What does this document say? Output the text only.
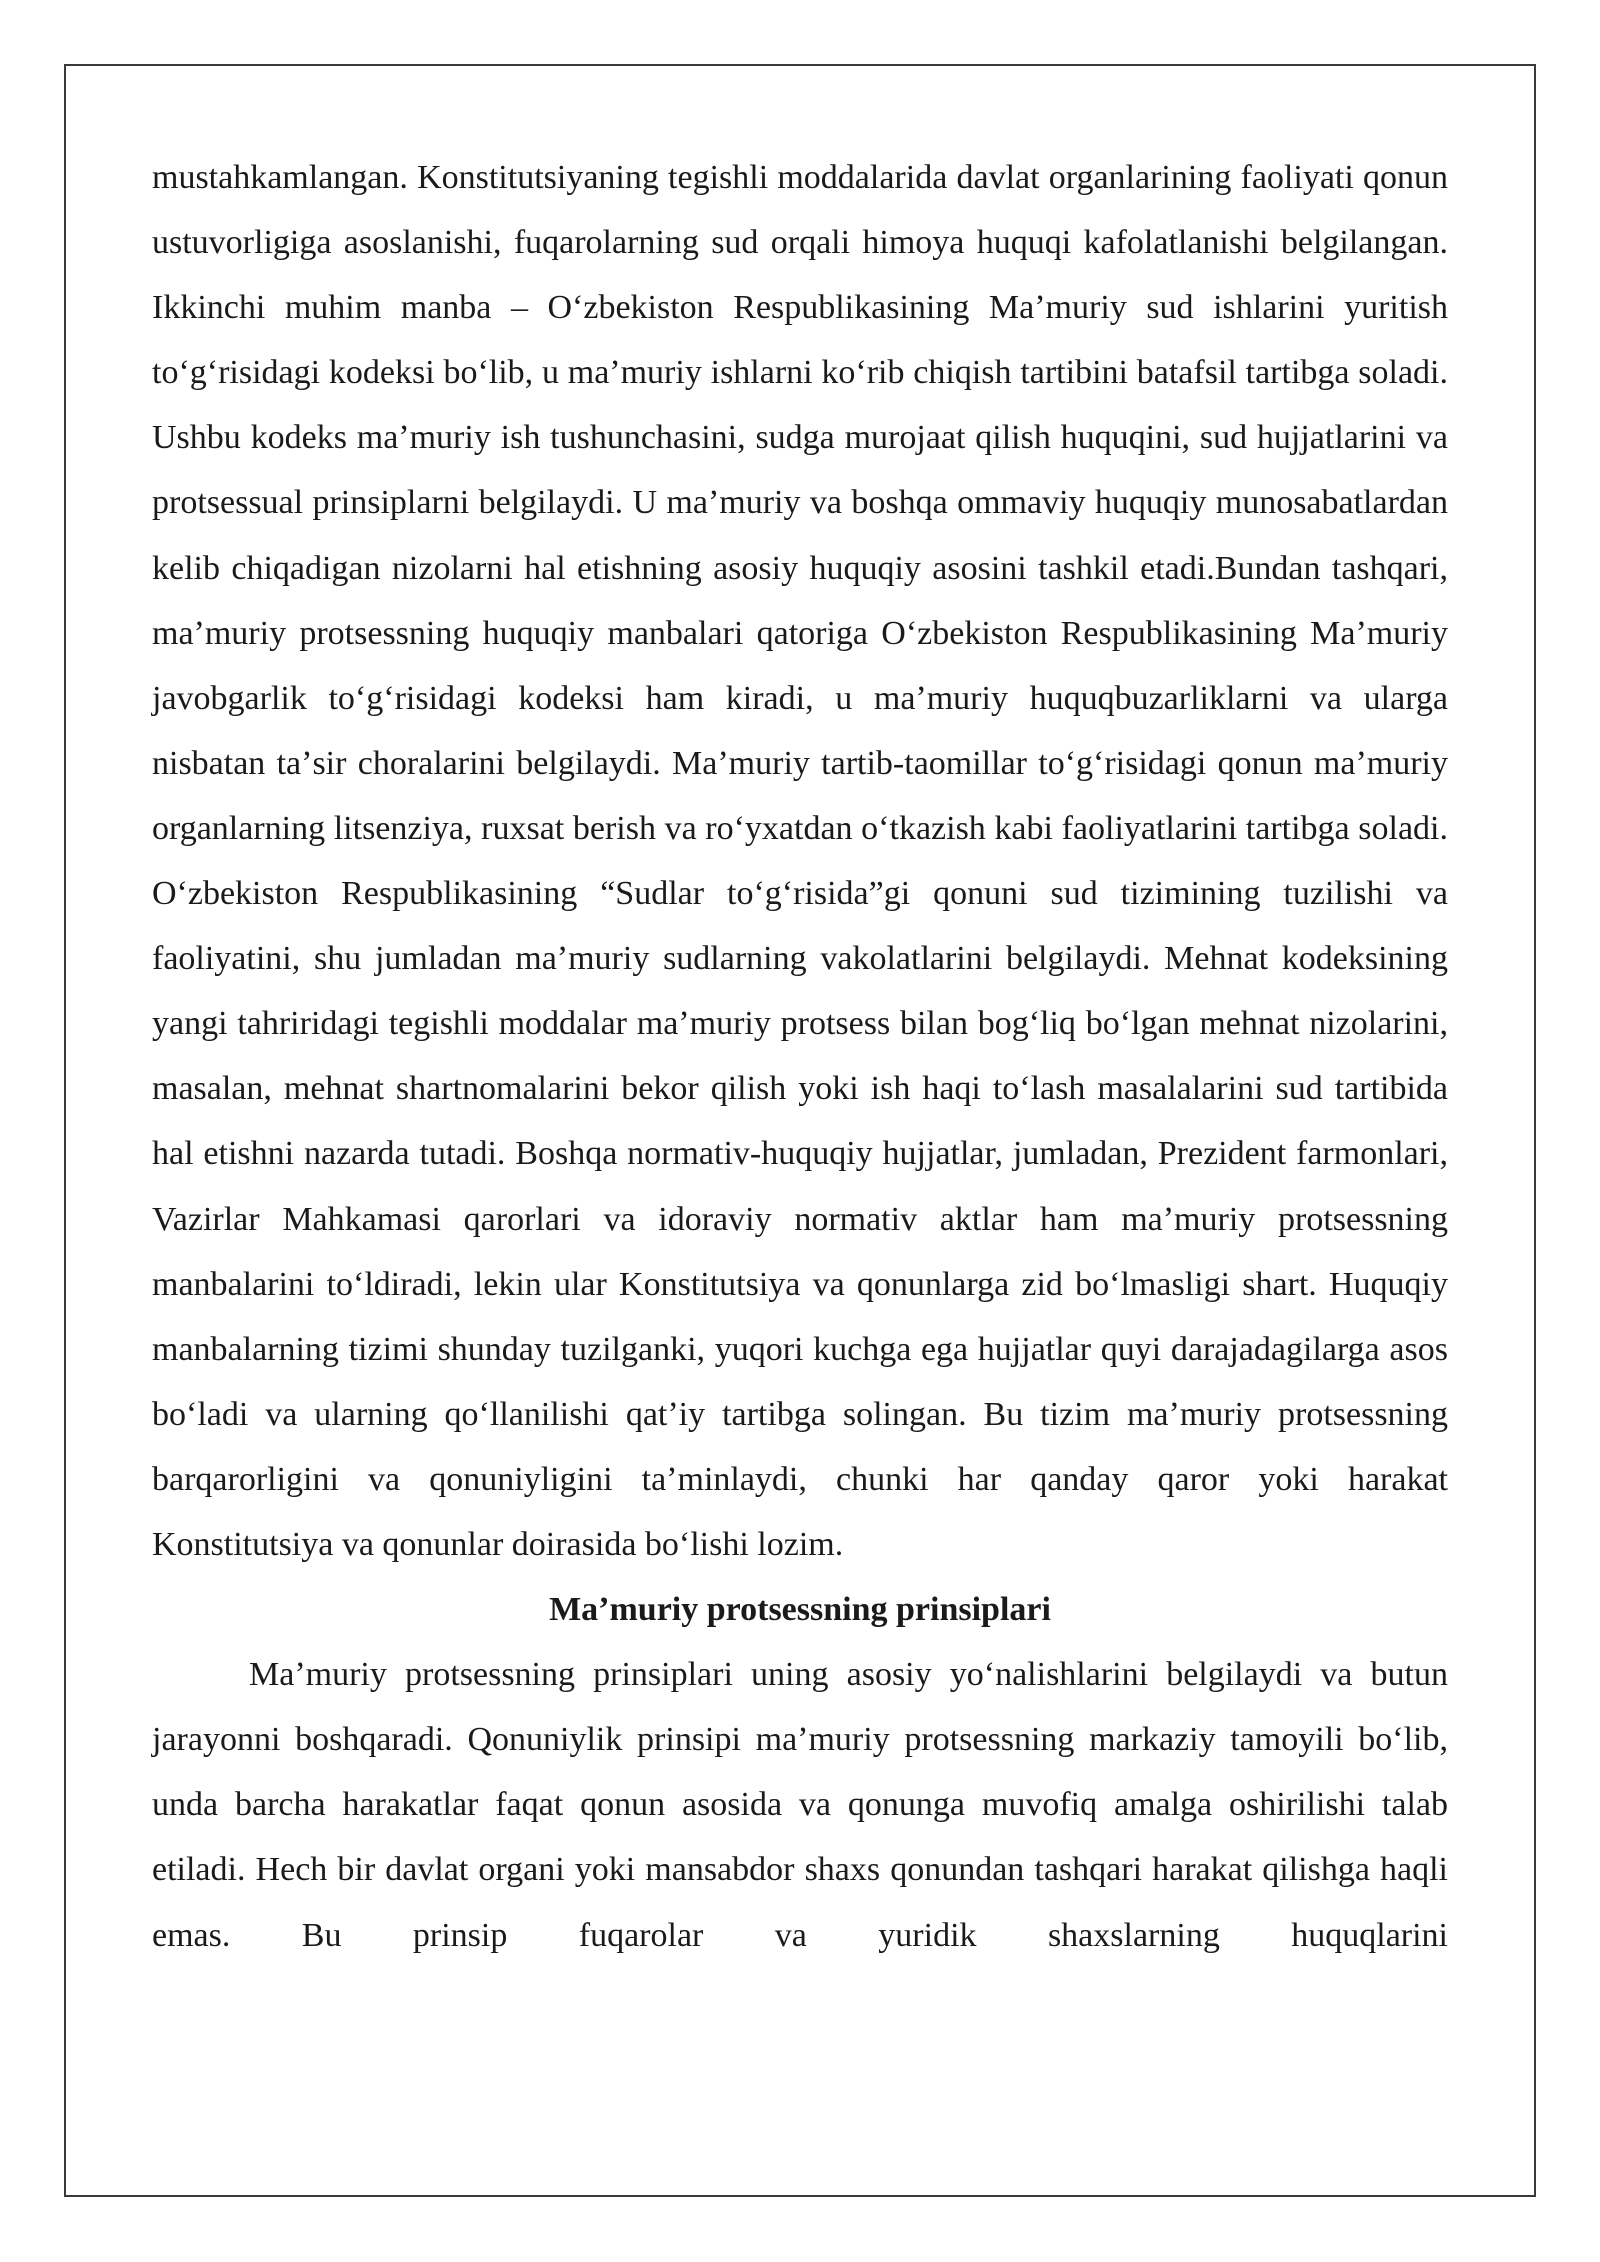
mustahkamlangan. Konstitutsiyaning tegishli moddalarida davlat organlarining faoliyati qonun ustuvorligiga asoslanishi, fuqarolarning sud orqali himoya huquqi kafolatlanishi belgilangan. Ikkinchi muhim manba – Oʻzbekiston Respublikasining Maʼmuriy sud ishlarini yuritish toʻgʻrisidagi kodeksi boʻlib, u maʼmuriy ishlarni koʻrib chiqish tartibini batafsil tartibga soladi. Ushbu kodeks maʼmuriy ish tushunchasini, sudga murojaat qilish huquqini, sud hujjatlarini va protsessual prinsiplarni belgilaydi. U maʼmuriy va boshqa ommaviy huquqiy munosabatlardan kelib chiqadigan nizolarni hal etishning asosiy huquqiy asosini tashkil etadi.Bundan tashqari, maʼmuriy protsessning huquqiy manbalari qatoriga Oʻzbekiston Respublikasining Maʼmuriy javobgarlik toʻgʻrisidagi kodeksi ham kiradi, u maʼmuriy huquqbuzarliklarni va ularga nisbatan taʼsir choralarini belgilaydi. Maʼmuriy tartib-taomillar toʻgʻrisidagi qonun maʼmuriy organlarning litsenziya, ruxsat berish va roʻyxatdan oʻtkazish kabi faoliyatlarini tartibga soladi. Oʻzbekiston Respublikasining “Sudlar toʻgʻrisida”gi qonuni sud tizimining tuzilishi va faoliyatini, shu jumladan maʼmuriy sudlarning vakolatlarini belgilaydi. Mehnat kodeksining yangi tahriridagi tegishli moddalar maʼmuriy protsess bilan bogʻliq boʻlgan mehnat nizolarini, masalan, mehnat shartnomalarini bekor qilish yoki ish haqi toʻlash masalalarini sud tartibida hal etishni nazarda tutadi. Boshqa normativ-huquqiy hujjatlar, jumladan, Prezident farmonlari, Vazirlar Mahkamasi qarorlari va idoraviy normativ aktlar ham maʼmuriy protsessning manbalarini toʻldiradi, lekin ular Konstitutsiya va qonunlarga zid boʻlmasligi shart. Huquqiy manbalarning tizimi shunday tuzilganki, yuqori kuchga ega hujjatlar quyi darajadagilarga asos boʻladi va ularning qoʻllanilishi qatʼiy tartibga solingan. Bu tizim maʼmuriy protsessning barqarorligini va qonuniyligini taʼminlaydi, chunki har qanday qaror yoki harakat Konstitutsiya va qonunlar doirasida boʻlishi lozim.

Maʼmuriy protsessning prinsiplari

Maʼmuriy protsessning prinsiplari uning asosiy yoʻnalishlarini belgilaydi va butun jarayonni boshqaradi. Qonuniylik prinsipi maʼmuriy protsessning markaziy tamoyili boʻlib, unda barcha harakatlar faqat qonun asosida va qonunga muvofiq amalga oshirilishi talab etiladi. Hech bir davlat organi yoki mansabdor shaxs qonundan tashqari harakat qilishga haqli emas. Bu prinsip fuqarolar va yuridik shaxslarning huquqlarini
